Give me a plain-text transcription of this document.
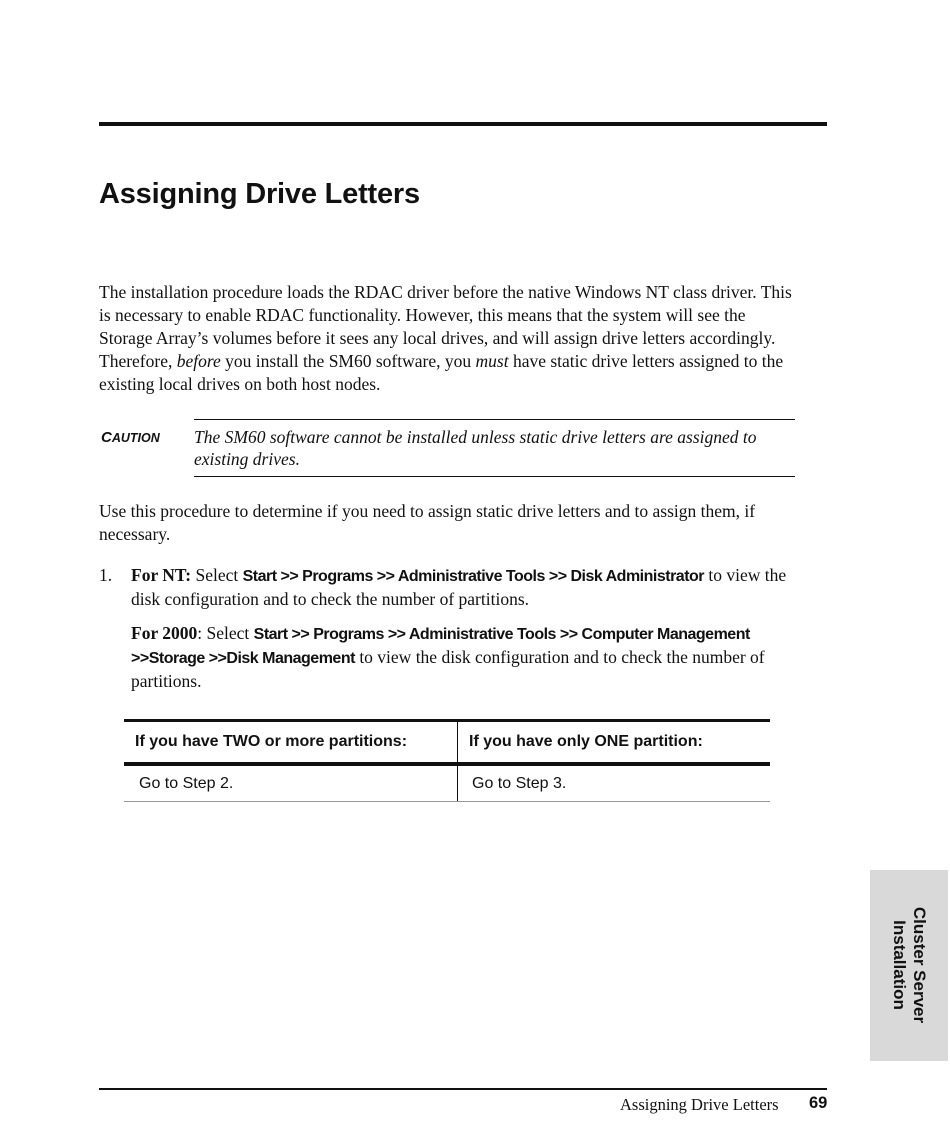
Assigning Drive Letters

The installation procedure loads the RDAC driver before the native Windows NT class driver. This is necessary to enable RDAC functionality. However, this means that the system will see the Storage Array’s volumes before it sees any local drives, and will assign drive letters accordingly. Therefore, before you install the SM60 software, you must have static drive letters assigned to the existing local drives on both host nodes.

CAUTION The SM60 software cannot be installed unless static drive letters are assigned to existing drives.

Use this procedure to determine if you need to assign static drive letters and to assign them, if necessary.

1. For NT: Select Start >> Programs >> Administrative Tools >> Disk Administrator to view the disk configuration and to check the number of partitions.

For 2000: Select Start >> Programs >> Administrative Tools >> Computer Management >>Storage >>Disk Management to view the disk configuration and to check the number of partitions.

If you have TWO or more partitions:	If you have only ONE partition:
Go to Step 2.	Go to Step 3.
Cluster Server
Installation
Assigning Drive Letters 69
